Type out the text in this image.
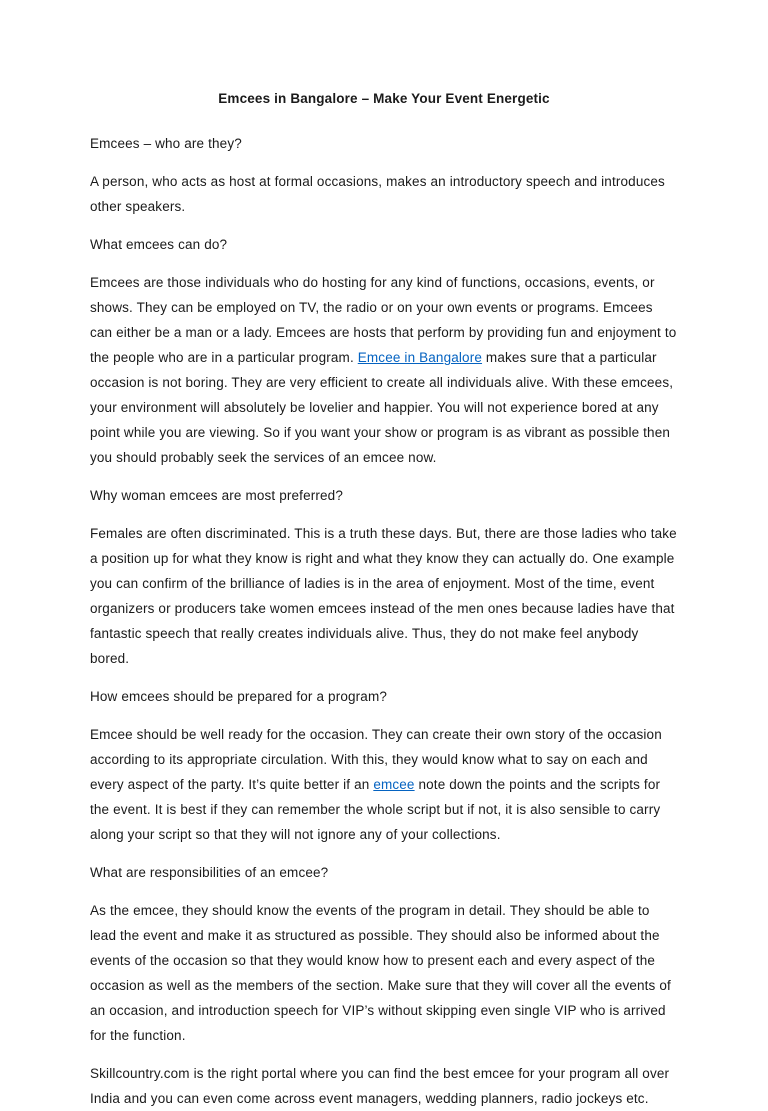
Emcees in Bangalore – Make Your Event Energetic

Emcees – who are they?

A person, who acts as host at formal occasions, makes an introductory speech and introduces other speakers.

What emcees can do?

Emcees are those individuals who do hosting for any kind of functions, occasions, events, or shows. They can be employed on TV, the radio or on your own events or programs. Emcees can either be a man or a lady. Emcees are hosts that perform by providing fun and enjoyment to the people who are in a particular program. Emcee in Bangalore makes sure that a particular occasion is not boring. They are very efficient to create all individuals alive. With these emcees, your environment will absolutely be lovelier and happier. You will not experience bored at any point while you are viewing. So if you want your show or program is as vibrant as possible then you should probably seek the services of an emcee now.

Why woman emcees are most preferred?

Females are often discriminated. This is a truth these days. But, there are those ladies who take a position up for what they know is right and what they know they can actually do. One example you can confirm of the brilliance of ladies is in the area of enjoyment. Most of the time, event organizers or producers take women emcees instead of the men ones because ladies have that fantastic speech that really creates individuals alive. Thus, they do not make feel anybody bored.

How emcees should be prepared for a program?

Emcee should be well ready for the occasion. They can create their own story of the occasion according to its appropriate circulation. With this, they would know what to say on each and every aspect of the party. It’s quite better if an emcee note down the points and the scripts for the event. It is best if they can remember the whole script but if not, it is also sensible to carry along your script so that they will not ignore any of your collections.

What are responsibilities of an emcee?

As the emcee, they should know the events of the program in detail. They should be able to lead the event and make it as structured as possible. They should also be informed about the events of the occasion so that they would know how to present each and every aspect of the occasion as well as the members of the section. Make sure that they will cover all the events of an occasion, and introduction speech for VIP’s without skipping even single VIP who is arrived for the function.

Skillcountry.com is the right portal where you can find the best emcee for your program all over India and you can even come across event managers, wedding planners, radio jockeys etc.
